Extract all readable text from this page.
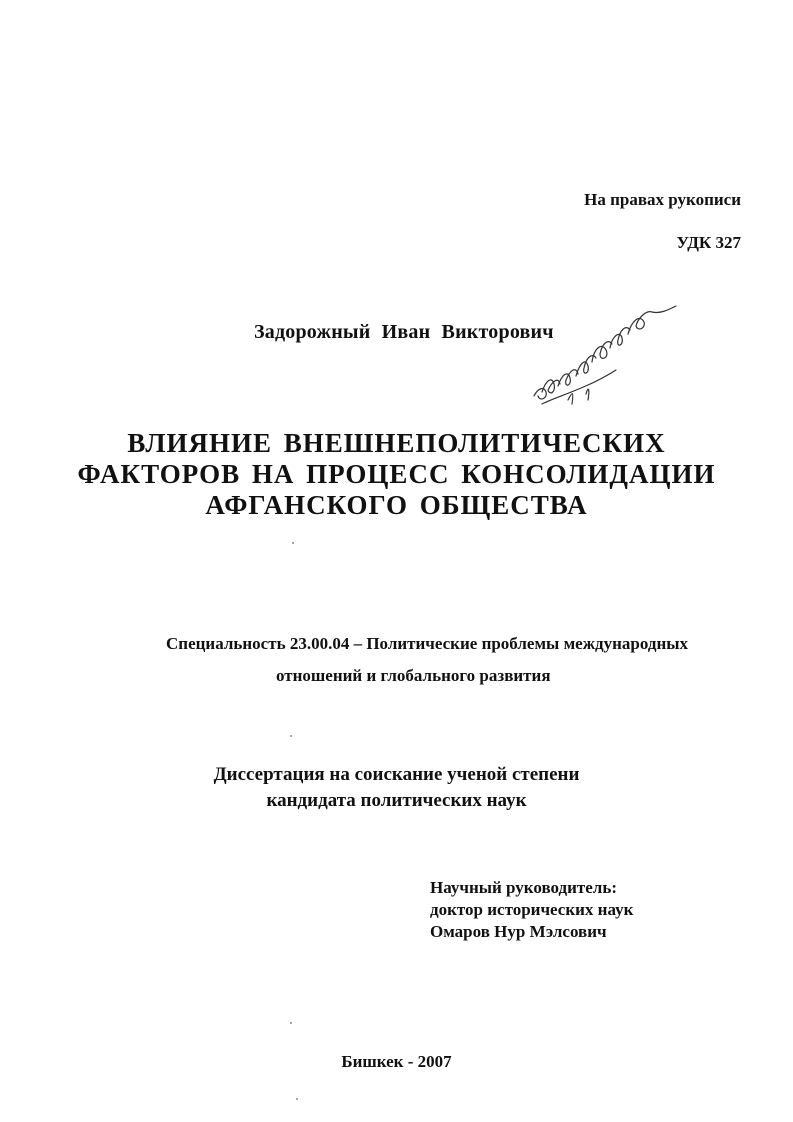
На правах рукописи
УДК 327
Задорожный Иван Викторович
ВЛИЯНИЕ ВНЕШНЕПОЛИТИЧЕСКИХ
ФАКТОРОВ НА ПРОЦЕСС КОНСОЛИДАЦИИ
АФГАНСКОГО ОБЩЕСТВА
Специальность 23.00.04 – Политические проблемы международных
отношений и глобального развития
Диссертация на соискание ученой степени
кандидата политических наук
Научный руководитель:
доктор исторических наук
Омаров Нур Мэлсович
Бишкек - 2007
